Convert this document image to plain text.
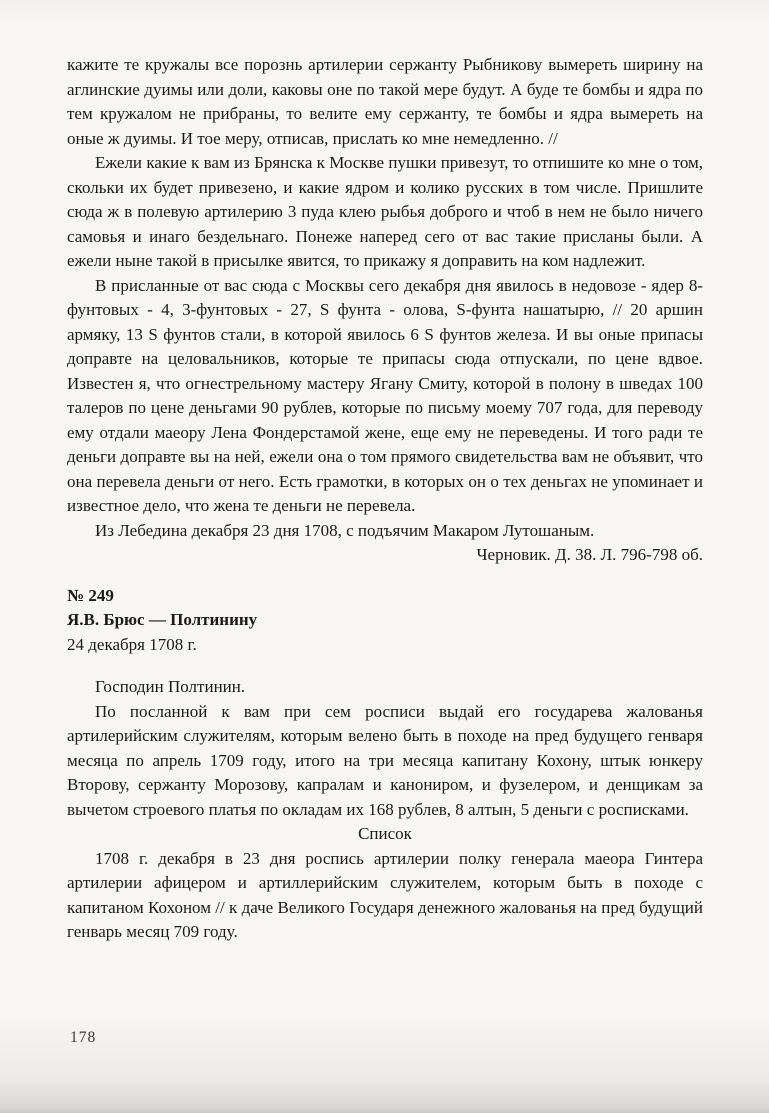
кажите те кружалы все порознь артилерии сержанту Рыбникову вымереть ширину на аглинские дуимы или доли, каковы оне по такой мере будут. А буде те бомбы и ядра по тем кружалом не прибраны, то велите ему сержанту, те бомбы и ядра вымереть на оные ж дуимы. И тое меру, отписав, прислать ко мне немедленно. //

Ежели какие к вам из Брянска к Москве пушки привезут, то отпишите ко мне о том, скольки их будет привезено, и какие ядром и колико русских в том числе. Пришлите сюда ж в полевую артилерию 3 пуда клею рыбья доброго и чтоб в нем не было ничего самовья и инаго бездельнаго. Понеже наперед сего от вас такие присланы были. А ежели ныне такой в присылке явится, то прикажу я доправить на ком надлежит.

В присланные от вас сюда с Москвы сего декабря дня явилось в недовозе - ядер 8-фунтовых - 4, 3-фунтовых - 27, S фунта - олова, S-фунта нашатырю, // 20 аршин армяку, 13 S фунтов стали, в которой явилось 6 S фунтов железа. И вы оные припасы доправте на целовальников, которые те припасы сюда отпускали, по цене вдвое. Известен я, что огнестрельному мастеру Ягану Смиту, которой в полону в шведах 100 талеров по цене деньгами 90 рублев, которые по письму моему 707 года, для переводу ему отдали маеору Лена Фондерстамой жене, еще ему не переведены. И того ради те деньги доправте вы на ней, ежели она о том прямого свидетельства вам не объявит, что она перевела деньги от него. Есть грамотки, в которых он о тех деньгах не упоминает и известное дело, что жена те деньги не перевела.

Из Лебедина декабря 23 дня 1708, с подъячим Макаром Лутошаным.

Черновик. Д. 38. Л. 796-798 об.

№ 249

Я.В. Брюс — Полтинину

24 декабря 1708 г.

Господин Полтинин.

По посланной к вам при сем росписи выдай его государева жалованья артилерийским служителям, которым велено быть в походе на пред будущего генваря месяца по апрель 1709 году, итого на три месяца капитану Кохону, штык юнкеру Второву, сержанту Морозову, капралам и канониром, и фузелером, и денщикам за вычетом строевого платья по окладам их 168 рублев, 8 алтын, 5 деньги с росписками.

Список

1708 г. декабря в 23 дня роспись артилерии полку генерала маеора Гинтера артилерии афицером и артиллерийским служителем, которым быть в походе с капитаном Кохоном // к даче Великого Государя денежного жалованья на пред будущий генварь месяц 709 году.

178
